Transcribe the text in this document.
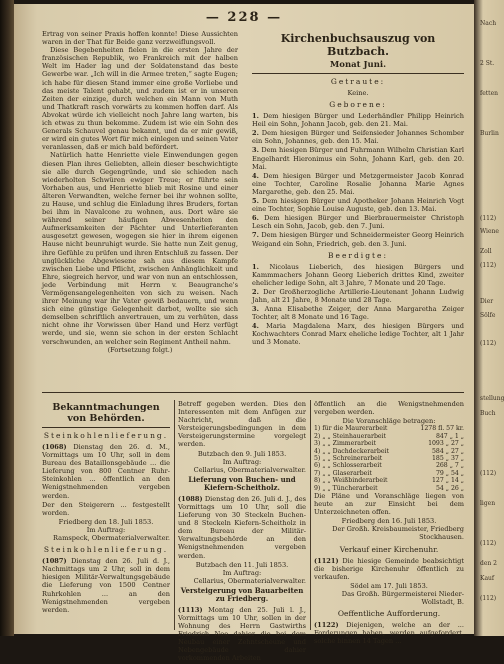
— 228 —

Ertrag von seiner Praxis hoffen konnte! Diese Aussichten waren in der That für Beide ganz verzweiflungsvoll.

Diese Begebenheiten fielen in die ersten Jahre der französischen Republik, wo Frankreich mit der halben Welt im Hader lag und der Soldatenstand das beste Gewerbe war. „Ich will in die Armee treten,“ sagte Eugen; ich habe für diesen Stand immer eine große Vorliebe und das meiste Talent gehabt, und zudem ist er in unseren Zeiten der einzige, durch welchen ein Mann von Muth und Thatkraft rasch vorwärts zu kommen hoffen darf. Als Abvokat würde ich vielleicht noch Jahre lang warten, bis ich etwas zu thun bekomme. Zudem ist wie ein Sohn des Generals Schauvel genau bekannt, und da er mir gewiß, er wird ein gutes Wort für mich einlegen und seinen Vater veranlassen, daß er mich bald befördert.

Natürlich hatte Henriette viele Einwendungen gegen diesen Plan ihres Geliebten, allein dieser beschwichtigte sie alle durch Gegengründe, und sie schieden nach wiederholten Schwüren ewiger Treue; er führte sein Vorhaben aus, und Henriette blieb mit Rosine und einer älteren Verwandten, welche ferner bei ihr wohnen sollte, zu Hause, und schlug die Einladung ihres Bruders, fortan bei ihm in Navalcone zu wohnen, aus. Dort wäre sie während seiner häufigen Abwesenheiten den Aufmerksamkeiten der Pächter und Unterlieferanten ausgesetzt gewesen, wogegen sie hier in ihrem eigenen Hause nicht beunruhigt wurde. Sie hatte nun Zeit genug, ihre Gefühle zu prüfen und ihren Entschluß zu fassen. Der unglückliche Abgewiesene sah aus diesem Kampfe zwischen Liebe und Pflicht, zwischen Anhänglichkeit und Ehre, siegreich hervor, und war von nun an entschlossen, jede Verbindung mit Herrn v. Beaugranche's Vermögensangelegenheiten von sich zu weisen. Nach ihrer Meinung war ihr Vater gewiß bedauern, und wenn sich eine günstige Gelegenheit darbot, wollte sie sich demselben schriftlich anvertrauen, um zu verhüten, dass nicht ohne ihr Vorwissen über Hand und Herz verfügt werde, und sie, wenn sie schon in der ersten Schlacht verschwunden, an welcher sein Regiment Antheil nahm.

(Fortsetzung folgt.)
Kirchenbuchsauszug von Butzbach.
Monat Juni.
Getraute:
Keine.
Geborene:

1. Dem hiesigen Bürger und Lederhändler Philipp Heinrich Heil ein Sohn, Johann Jacob, geb. den 21. Mai.

2. Dem hiesigen Bürger und Seifensieder Johannes Schomber ein Sohn, Johannes, geb. den 15. Mai.

3. Dem hiesigen Bürger und Fuhrmann Wilhelm Christian Karl Engelhardt Hieronimus ein Sohn, Johann Karl, geb. den 20. Mai.

4. Dem hiesigen Bürger und Metzgermeister Jacob Konrad eine Tochter, Caroline Rosalie Johanna Marie Agnes Margarethe, geb. den 25. Mai.

5. Dem hiesigen Bürger und Apotheker Johann Heinrich Vogt eine Tochter, Sophie Louise Auguste, geb. den 13. Mai.

6. Dem hiesigen Bürger und Bierbrauermeister Christoph Lesch ein Sohn, Jacob, geb. den 7. Juni.

7. Dem hiesigen Bürger und Schneidermeister Georg Heinrich Weigand ein Sohn, Friedrich, geb. den 3. Juni.

Beerdigte:

1. Nicolaus Lieberich, des hiesigen Bürgers und Kammmachers Johann Georg Lieberich drittes Kind, zweiter ehelicher ledige Sohn, alt 3 Jahre, 7 Monate und 20 Tage.

2. Der Großherzogliche Artillerie-Lieutenant Johann Ludwig Jahn, alt 21 Jahre, 8 Monate und 28 Tage.

3. Anna Elisabethe Zeiger, der Anna Margaretha Zeiger Tochter, alt 8 Monate und 16 Tage.

4. Maria Magdalena Marx, des hiesigen Bürgers und Kochwachters Conrad Marx eheliche ledige Tochter, alt 1 Jahr und 3 Monate.

Bekanntmachungen von Behörden.
Steinkohlenlieferung.

(1068) Dienstag den 26. d. M., Vormittags um 10 Uhr, soll in dem Bureau des Bataillonsgebäude ... die Lieferung von 800 Centner Ruhr-Steinkohlen ... öffentlich an den Wenigstnehmenden vergeben werden.

Der den Steigerern ... festgestellt worden.

Friedberg den 18. Juli 1853.
Im Auftrag:
Ramspeck, Obermaterialverwalter.
Steinkohlenlieferung.

(1087) Dienstag den 26. Juli d. J., Nachmittags um 2 Uhr, soll in dem hiesigen Militär-Verwaltungsgebäude die Lieferung von 1500 Centner Ruhrkohlen ... an den Wenigstnehmenden vergeben werden.

Betreff gegeben werden. Dies den Interessenten mit dem Anfügen zur Nachricht, daß die Versteigerungsbedingungen in dem Versteigerungstermine vorgelegt werden.

Butzbach den 9. Juli 1853.
Im Auftrag:
Cellarius, Obermaterialverwalter.
Lieferung von Buchen- und Kiefern-Scheitholz.

(1088) Dienstag den 26. Juli d. J., des Vormittags um 10 Uhr, soll die Lieferung von 30 Steckeln Buchen- und 8 Steckeln Kiefern-Scheitholz in dem Bureau der Militär-Verwaltungsbehörde an den Wenigstnehmenden vergeben werden.

Butzbach den 11. Juli 1853.
Im Auftrag:
Cellarius, Obermaterialverwalter.
Versteigerung von Bauarbeiten zu Friedberg.

(1113) Montag den 25. Juli l. J., Vormittags um 10 Uhr, sollen in der Wohnung des Herrn Gastwirths Friedrich Noe dahier die bei dem Neubau einer Zehntscheune und Nebengebäude dahier vorkommenden Arbeiten

öffentlich an die Wenigstnehmenden vergeben werden.

Die Voranschläge betragen:
1) für die Maurerarbeit	1278 fl. 57 kr.
2) „ „ Steinhauerarbeit	847 „ 1 „
3) „ „ Zimmerarbeit	1093 „ 27 „
4) „ „ Dachdeckerarbeit	584 „ 27 „
5) „ „ Schreinerarbeit	185 „ 37 „
6) „ „ Schlosserarbeit	268 „ 7 „
7) „ „ Glaserarbeit	79 „ 54 „
8) „ „ Weißbinderarbeit	127 „ 14 „
9) „ „ Tüncherarbeit	54 „ 26 „

Die Pläne und Voranschläge liegen von heute an zur Einsicht bei dem Unterzeichneten offen.

Friedberg den 16. Juli 1853.
Der Großh. Kreisbaumeister, Friedberg
Stockhausen.
Verkauf einer Kirchenuhr.

(1121) Die hiesige Gemeinde beabsichtigt die bisherige Kirchenuhr öffentlich zu verkaufen.

Södel am 17. Juli 1853.
Das Großh. Bürgermeisterei Nieder-
Wollstadt, B.
Oeffentliche Aufforderung.

(1122) Diejenigen, welche an der ... Forderungen haben, werden aufgefordert, solche binnen 14 Tagen ...

Nach
2 St.
fetten
Burlin
(112)
Wiene
Zoll
(112)
Dier
Sölfe
(112)
stellung
Buch
(112)
ligen
(112)
den 2
Kauf
(112)
